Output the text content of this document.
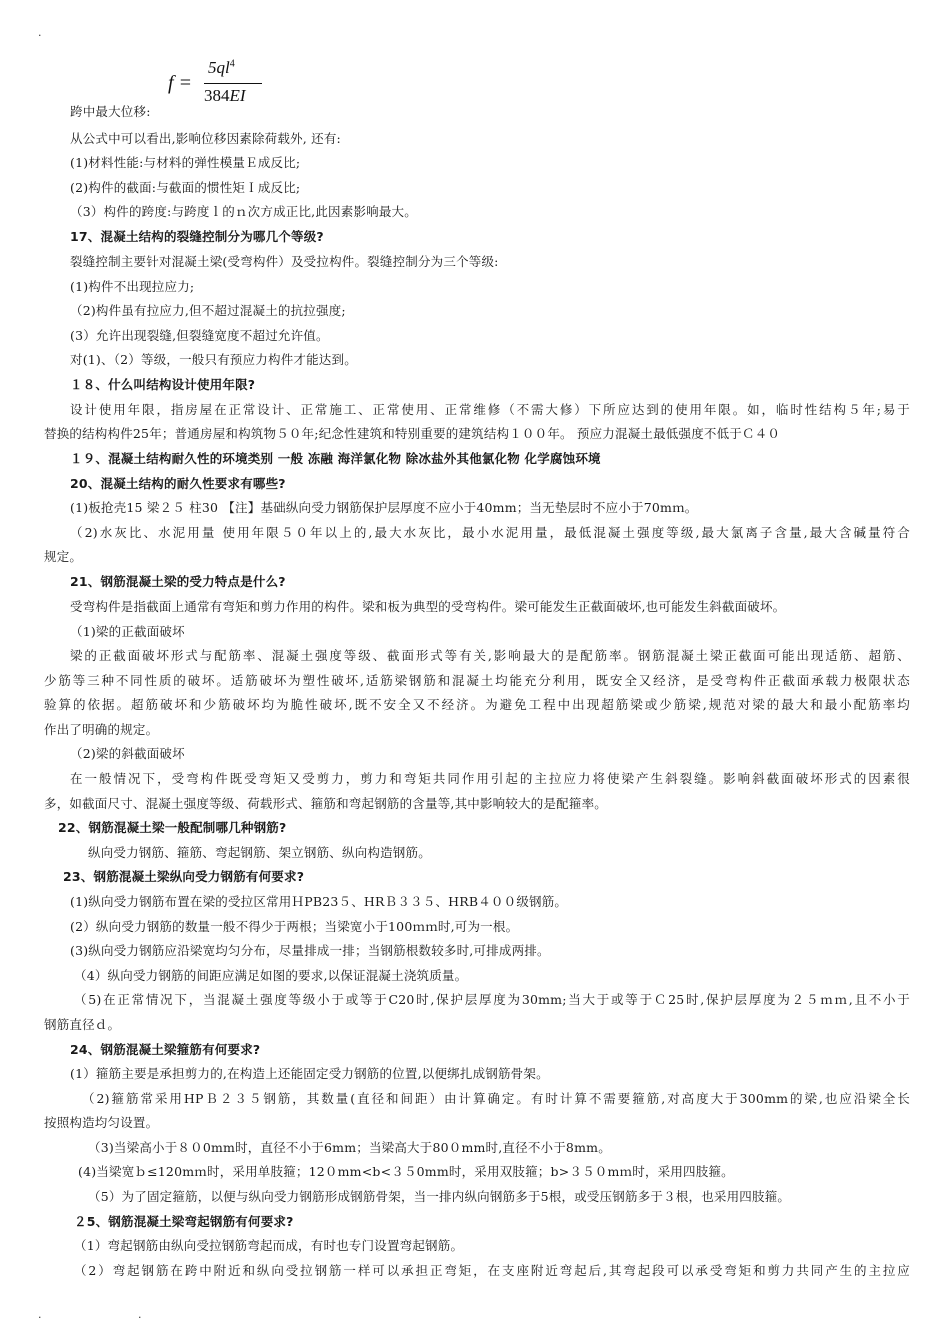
f =
$5ql^4$
384EI
跨中最大位移:
从公式中可以看出,影响位移因素除荷载外, 还有:
(1)材料性能:与材料的弹性模量Ｅ成反比;
(2)构件的截面:与截面的惯性矩Ｉ成反比;
（3）构件的跨度:与跨度ｌ的ｎ次方成正比,此因素影响最大。
17、混凝土结构的裂缝控制分为哪几个等级?
裂缝控制主要针对混凝土梁(受弯构件）及受拉构件。裂缝控制分为三个等级:
(1)构件不出现拉应力;
（2)构件虽有拉应力,但不超过混凝土的抗拉强度;
(3）允许出现裂缝,但裂缝宽度不超过允许值。
对(1)、（2）等级，一般只有预应力构件才能达到。
１８、什么叫结构设计使用年限?
设计使用年限，指房屋在正常设计、正常施工、正常使用、正常维修（不需大修）下所应达到的使用年限。如，临时性结构５年;易于
替换的结构构件25年；普通房屋和构筑物５０年;纪念性建筑和特别重要的建筑结构１００年。 预应力混凝土最低强度不低于Ｃ４０
１９、混凝土结构耐久性的环境类别 一般 冻融 海洋氯化物 除冰盐外其他氯化物 化学腐蚀环境
20、混凝土结构的耐久性要求有哪些?
(1)板抢壳15 梁２５ 柱30 【注】基础纵向受力钢筋保护层厚度不应小于40mm；当无垫层时不应小于70mｍ。
（2)水灰比、水泥用量 使用年限５０年以上的,最大水灰比，最小水泥用量，最低混凝土强度等级,最大氯离子含量,最大含碱量符合
规定。
21、钢筋混凝土梁的受力特点是什么?
受弯构件是指截面上通常有弯矩和剪力作用的构件。梁和板为典型的受弯构件。梁可能发生正截面破坏,也可能发生斜截面破坏。
（1)梁的正截面破坏
梁的正截面破坏形式与配筋率、混凝土强度等级、截面形式等有关,影响最大的是配筋率。钢筋混凝土梁正截面可能出现适筋、超筋、
少筋等三种不同性质的破坏。适筋破坏为塑性破坏,适筋梁钢筋和混凝土均能充分利用，既安全又经济，是受弯构件正截面承载力极限状态
验算的依据。超筋破坏和少筋破坏均为脆性破坏,既不安全又不经济。为避免工程中出现超筋梁或少筋梁,规范对梁的最大和最小配筋率均
作出了明确的规定。
（2)梁的斜截面破坏
在一般情况下，受弯构件既受弯矩又受剪力，剪力和弯矩共同作用引起的主拉应力将使梁产生斜裂缝。影响斜截面破坏形式的因素很
多，如截面尺寸、混凝土强度等级、荷载形式、箍筋和弯起钢筋的含量等,其中影响较大的是配箍率。
22、钢筋混凝土梁一般配制哪几种钢筋?
纵向受力钢筋、箍筋、弯起钢筋、架立钢筋、纵向构造钢筋。
23、钢筋混凝土梁纵向受力钢筋有何要求?
(1)纵向受力钢筋布置在梁的受拉区常用ＨPB23５、HRＢ３３５、HRB４００级钢筋。
(2）纵向受力钢筋的数量一般不得少于两根；当梁宽小于100ｍｍ时,可为一根。
(3)纵向受力钢筋应沿梁宽均匀分布，尽量排成一排；当钢筋根数较多时,可排成两排。
（4）纵向受力钢筋的间距应满足如图的要求,以保证混凝土浇筑质量。
（5)在正常情况下，当混凝土强度等级小于或等于C20时,保护层厚度为30mm;当大于或等于Ｃ25时,保护层厚度为２５ｍｍ,且不小于
钢筋直径ｄ。
24、钢筋混凝土梁箍筋有何要求?
(1）箍筋主要是承担剪力的,在构造上还能固定受力钢筋的位置,以便绑扎成钢筋骨架。
（2)箍筋常采用HPＢ２３５钢筋，其数量(直径和间距）由计算确定。有时计算不需要箍筋,对高度大于300mm的梁,也应沿梁全长
按照构造均匀设置。
（3)当梁高小于８０0mm时，直径不小于6mm；当梁高大于80０mm时,直径不小于8mm。
(4)当梁宽ｂ≤120mｍ时，采用单肢箍；12０mm<b<３５0mm时，采用双肢箍；b>３５０mｍ时，采用四肢箍。
（5）为了固定箍筋，以便与纵向受力钢筋形成钢筋骨架，当一排内纵向钢筋多于5根，或受压钢筋多于３根，也采用四肢箍。
２5、钢筋混凝土梁弯起钢筋有何要求?
（1）弯起钢筋由纵向受拉钢筋弯起而成，有时也专门设置弯起钢筋。
（2）弯起钢筋在跨中附近和纵向受拉钢筋一样可以承担正弯矩，在支座附近弯起后,其弯起段可以承受弯矩和剪力共同产生的主拉应
.
.	.
